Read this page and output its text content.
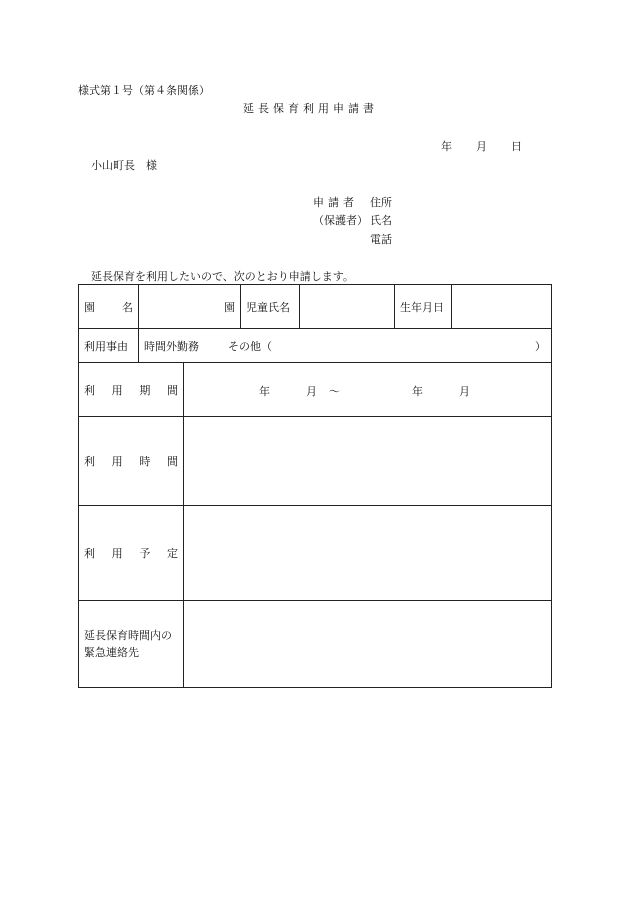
様式第１号（第４条関係）
延長保育利用申請書
年 月 日
小山町長　様
申請者 住所
（保護者） 氏名
電話
延長保育を利用したいので、次のとおり申請します。
園 名	園		児童氏名		生年月日	
利用事由	時間外勤務 その他（ ）					

利 用 期 間		年 月 ～ 年 月				

利 用 時 間						

利 用 予 定						

延長保育時間内の
緊急連絡先						
